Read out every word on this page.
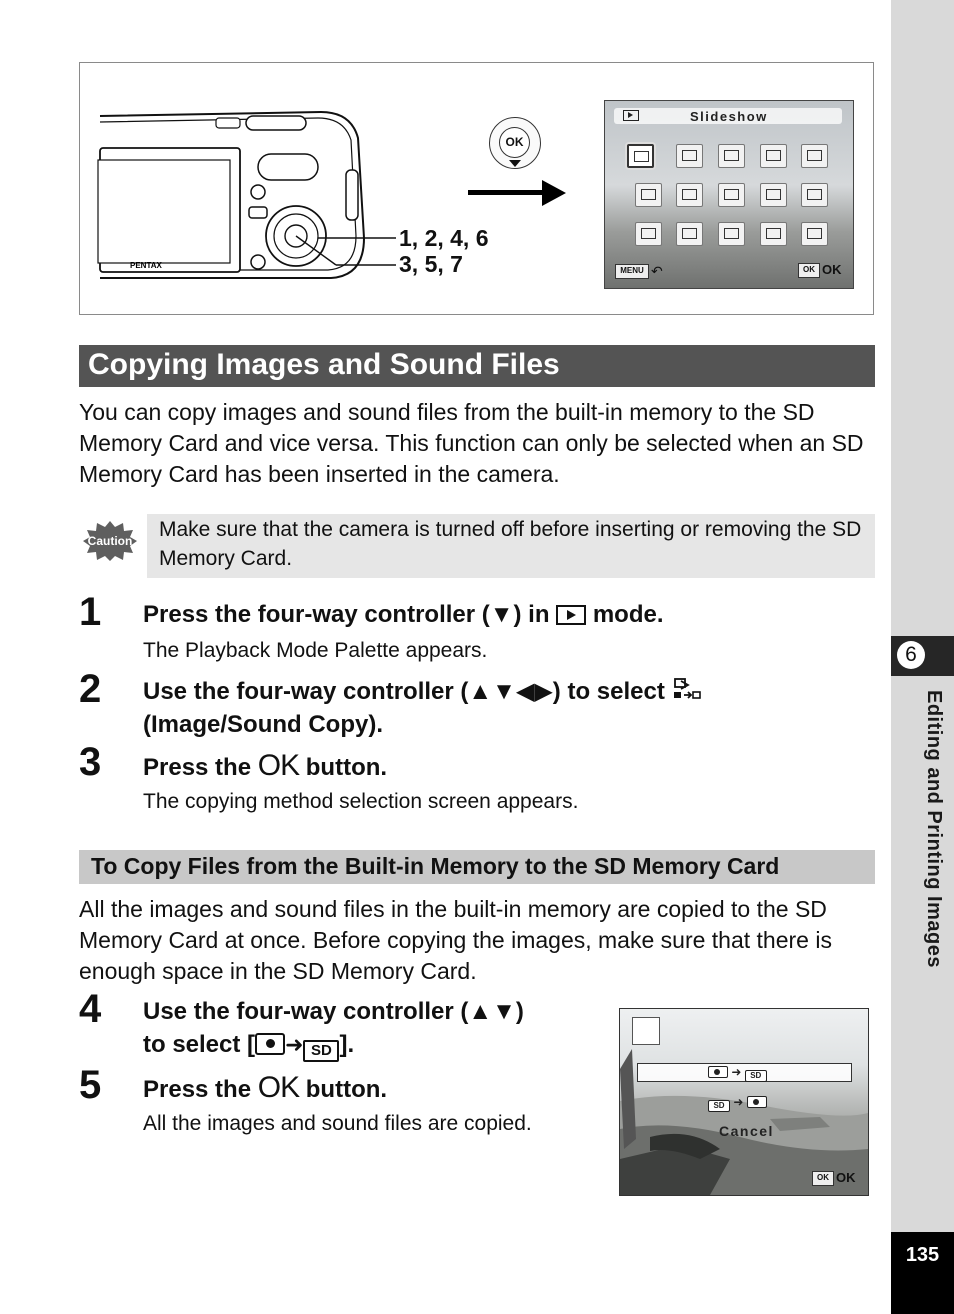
6
Editing and Printing Images
135
PENTAX
1, 2, 4, 6
3, 5, 7
OK
Slideshow
MENU ↶	OK OK
Copying Images and Sound Files
You can copy images and sound files from the built-in memory to the SD Memory Card and vice versa. This function can only be selected when an SD Memory Card has been inserted in the camera.
Caution Make sure that the camera is turned off before inserting or removing the SD Memory Card.
1 Press the four-way controller (▼) in  mode.
The Playback Mode Palette appears.
2 Use the four-way controller (▲▼◀▶) to select
(Image/Sound Copy).
3 Press the OK button.
The copying method selection screen appears.
To Copy Files from the Built-in Memory to the SD Memory Card
All the images and sound files in the built-in memory are copied to the SD Memory Card at once. Before copying the images, make sure that there is enough space in the SD Memory Card.
4 Use the four-way controller (▲▼)
to select [ ➜ SD ].
5 Press the OK button.
All the images and sound files are copied.
➜ SD
SD ➜
Cancel
OK OK
